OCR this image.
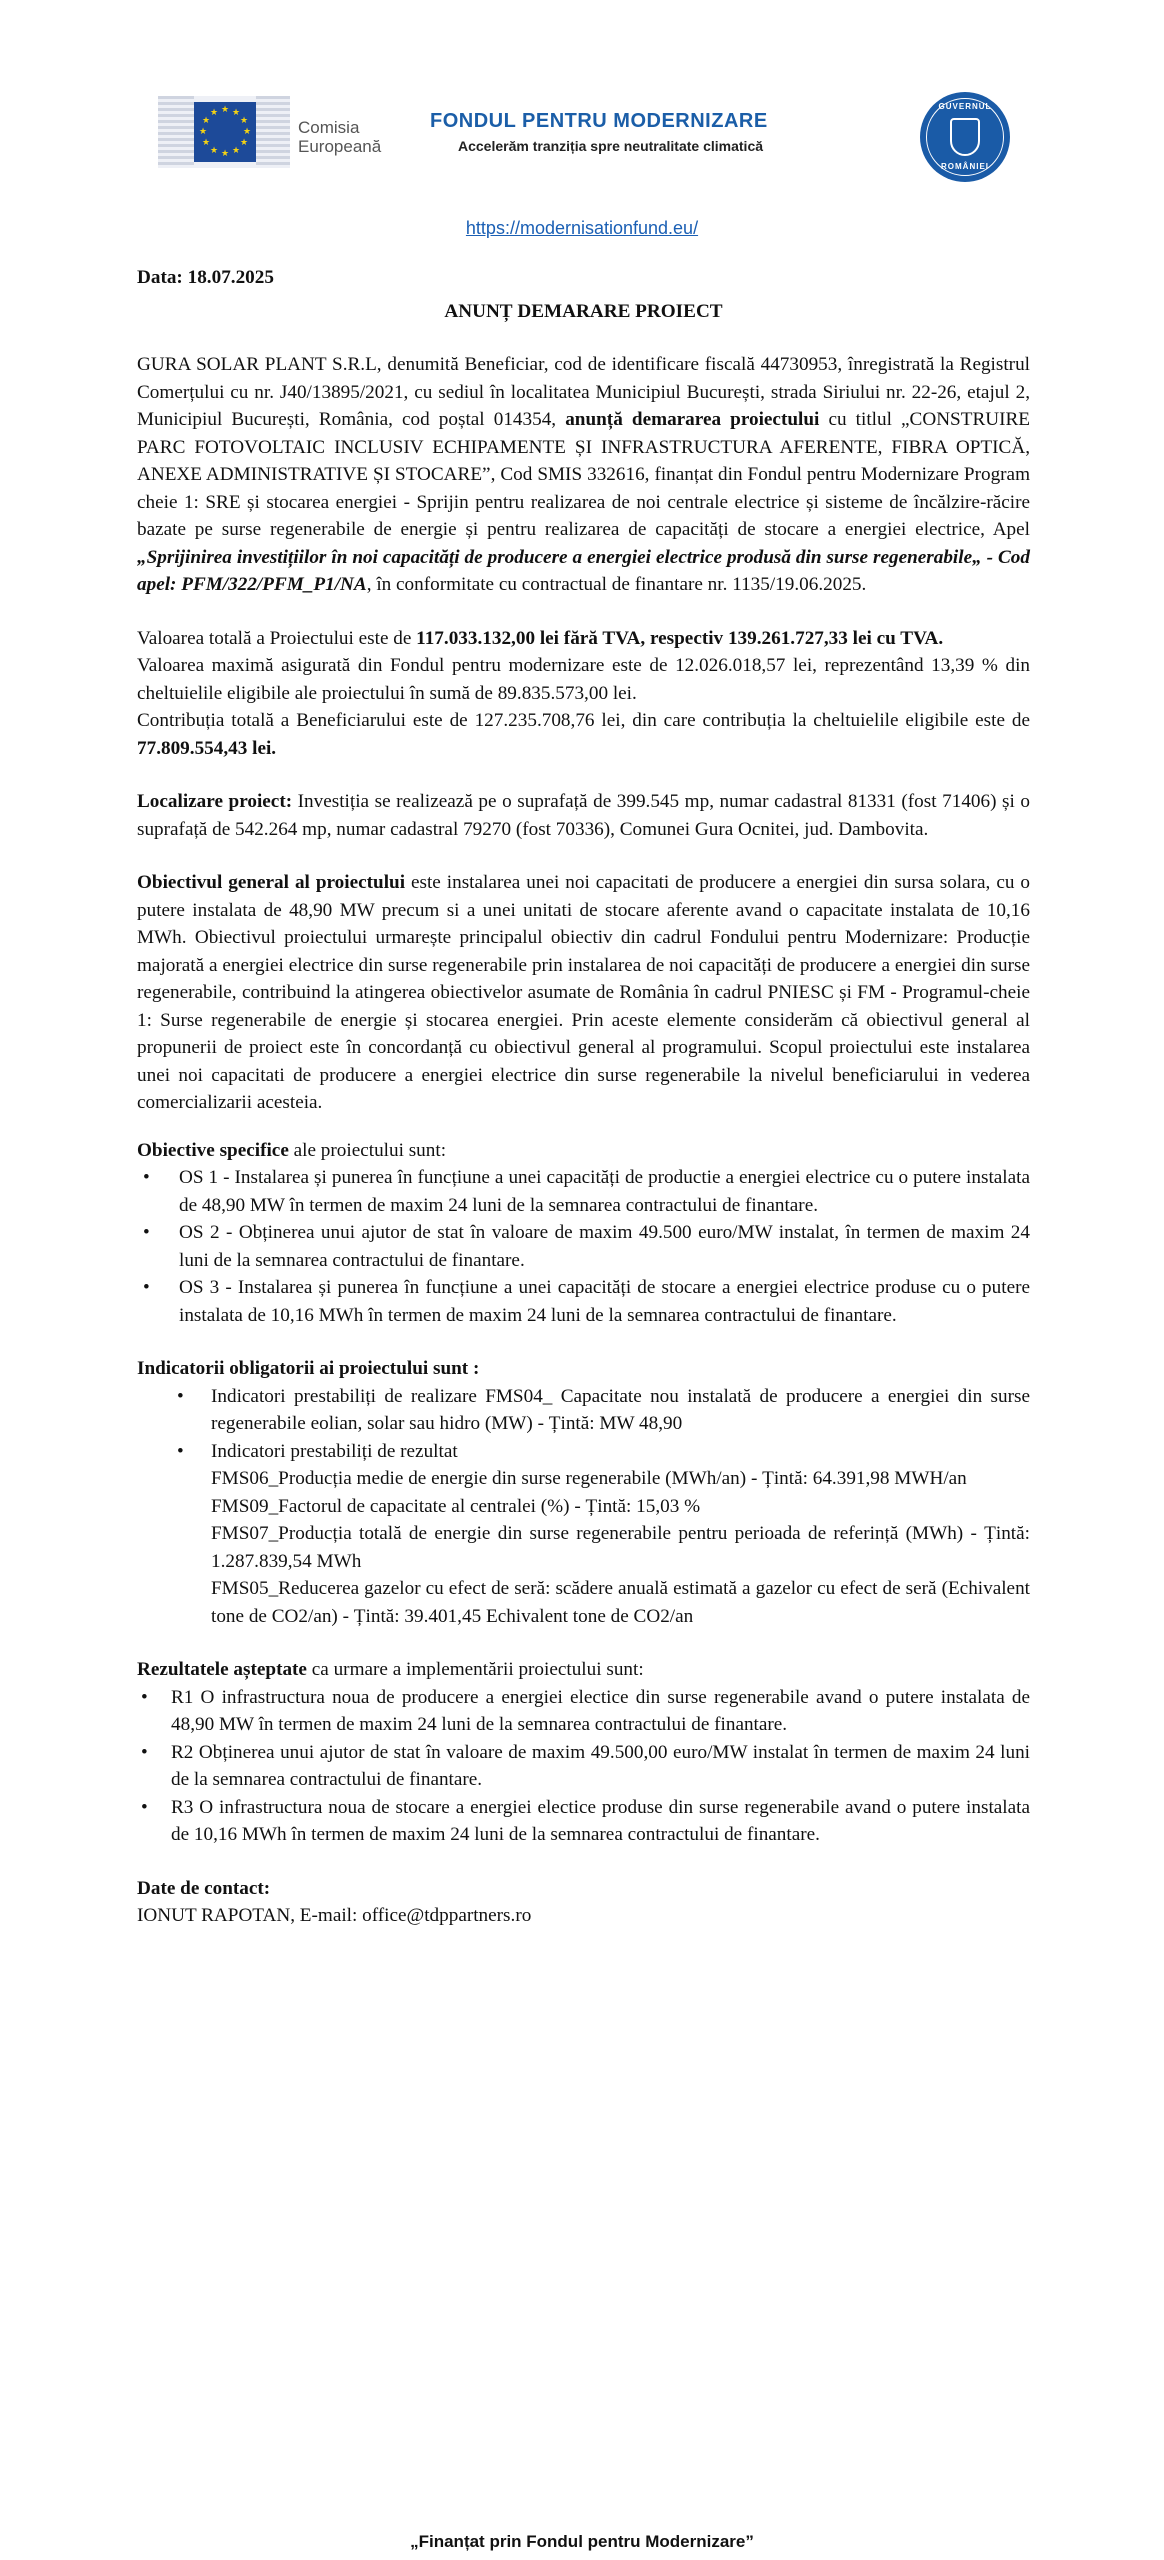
★ ★
★
★
★
★
★
★
★
★
★
★
Comisia
Europeană
FONDUL PENTRU MODERNIZARE
Accelerăm tranziția spre neutralitate climatică
GUVERNUL
ROMÂNIEI
https://modernisationfund.eu/

Data: 18.07.2025

ANUNȚ DEMARARE PROIECT

GURA SOLAR PLANT S.R.L, denumită Beneficiar, cod de identificare fiscală 44730953, înregistrată la Registrul Comerțului cu nr. J40/13895/2021, cu sediul în localitatea Municipiul București, strada Siriului nr. 22-26, etajul 2, Municipiul București, România, cod poștal 014354, anunță demararea proiectului cu titlul „CONSTRUIRE PARC FOTOVOLTAIC INCLUSIV ECHIPAMENTE ȘI INFRASTRUCTURA AFERENTE, FIBRA OPTICĂ, ANEXE ADMINISTRATIVE ȘI STOCARE”, Cod SMIS 332616, finanțat din Fondul pentru Modernizare Program cheie 1: SRE și stocarea energiei - Sprijin pentru realizarea de noi centrale electrice și sisteme de încălzire-răcire bazate pe surse regenerabile de energie și pentru realizarea de capacități de stocare a energiei electrice, Apel „Sprijinirea investițiilor în noi capacități de producere a energiei electrice produsă din surse regenerabile„ - Cod apel: PFM/322/PFM_P1/NA, în conformitate cu contractual de finantare nr. 1135/19.06.2025.

Valoarea totală a Proiectului este de 117.033.132,00 lei fără TVA, respectiv 139.261.727,33 lei cu TVA.

Valoarea maximă asigurată din Fondul pentru modernizare este de 12.026.018,57 lei, reprezentând 13,39 % din cheltuielile eligibile ale proiectului în sumă de 89.835.573,00 lei.

Contribuția totală a Beneficiarului este de 127.235.708,76 lei, din care contribuția la cheltuielile eligibile este de 77.809.554,43 lei.

Localizare proiect: Investiția se realizează pe o suprafață de 399.545 mp, numar cadastral 81331 (fost 71406) și o suprafață de 542.264 mp, numar cadastral 79270 (fost 70336), Comunei Gura Ocnitei, jud. Dambovita.

Obiectivul general al proiectului este instalarea unei noi capacitati de producere a energiei din sursa solara, cu o putere instalata de 48,90 MW precum si a unei unitati de stocare aferente avand o capacitate instalata de 10,16 MWh. Obiectivul proiectului urmarește principalul obiectiv din cadrul Fondului pentru Modernizare: Producție majorată a energiei electrice din surse regenerabile prin instalarea de noi capacități de producere a energiei din surse regenerabile, contribuind la atingerea obiectivelor asumate de România în cadrul PNIESC și FM - Programul-cheie 1: Surse regenerabile de energie și stocarea energiei. Prin aceste elemente considerăm că obiectivul general al propunerii de proiect este în concordanță cu obiectivul general al programului. Scopul proiectului este instalarea unei noi capacitati de producere a energiei electrice din surse regenerabile la nivelul beneficiarului in vederea comercializarii acesteia.

Obiective specifice ale proiectului sunt:

• OS 1 - Instalarea și punerea în funcțiune a unei capacități de productie a energiei electrice cu o putere instalata de 48,90 MW în termen de maxim 24 luni de la semnarea contractului de finantare.
• OS 2 - Obținerea unui ajutor de stat în valoare de maxim 49.500 euro/MW instalat, în termen de maxim 24 luni de la semnarea contractului de finantare.
• OS 3 - Instalarea și punerea în funcțiune a unei capacități de stocare a energiei electrice produse cu o putere instalata de 10,16 MWh în termen de maxim 24 luni de la semnarea contractului de finantare.

Indicatorii obligatorii ai proiectului sunt :

• Indicatori prestabiliți de realizare FMS04_ Capacitate nou instalată de producere a energiei din surse regenerabile eolian, solar sau hidro (MW) - Țintă: MW 48,90
• Indicatori prestabiliți de rezultat
FMS06_Producția medie de energie din surse regenerabile (MWh/an) - Țintă: 64.391,98 MWH/an
FMS09_Factorul de capacitate al centralei (%) - Țintă: 15,03 %
FMS07_Producția totală de energie din surse regenerabile pentru perioada de referință (MWh) - Țintă: 1.287.839,54 MWh
FMS05_Reducerea gazelor cu efect de seră: scădere anuală estimată a gazelor cu efect de seră (Echivalent tone de CO2/an) - Țintă: 39.401,45 Echivalent tone de CO2/an

Rezultatele așteptate ca urmare a implementării proiectului sunt:

• R1 O infrastructura noua de producere a energiei electice din surse regenerabile avand o putere instalata de 48,90 MW în termen de maxim 24 luni de la semnarea contractului de finantare.
• R2 Obținerea unui ajutor de stat în valoare de maxim 49.500,00 euro/MW instalat în termen de maxim 24 luni de la semnarea contractului de finantare.
• R3 O infrastructura noua de stocare a energiei electice produse din surse regenerabile avand o putere instalata de 10,16 MWh în termen de maxim 24 luni de la semnarea contractului de finantare.

Date de contact:

IONUT RAPOTAN, E-mail: office@tdppartners.ro

„Finanțat prin Fondul pentru Modernizare”
